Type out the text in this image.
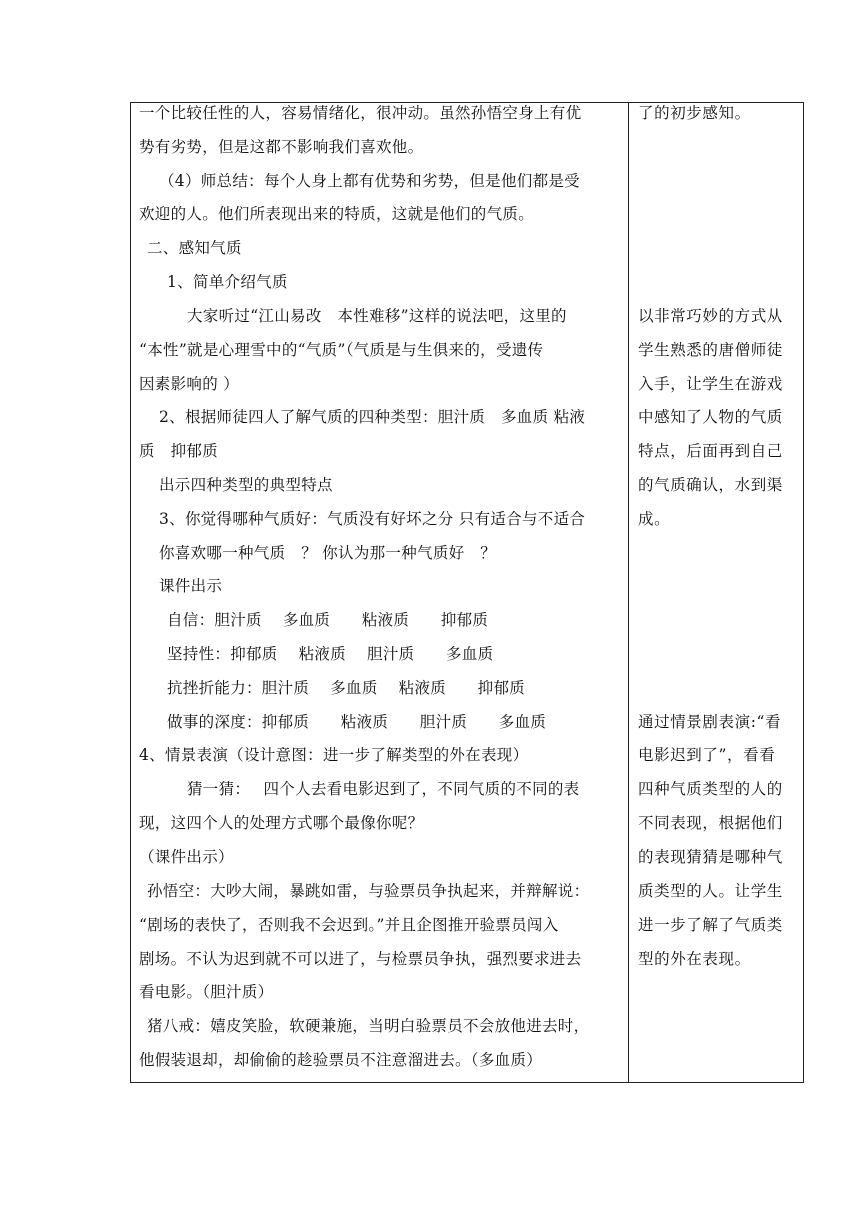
一个比较任性的人，容易情绪化，很冲动。虽然孙悟空身上有优
势有劣势，但是这都不影响我们喜欢他。
（4）师总结：每个人身上都有优势和劣势，但是他们都是受
欢迎的人。他们所表现出来的特质，这就是他们的气质。
二、感知气质
1、简单介绍气质
大家听过“江山易改　本性难移”这样的说法吧，这里的
“本性”就是心理雪中的“气质”（气质是与生俱来的，受遗传
因素影响的 ）
2、根据师徒四人了解气质的四种类型：胆汁质　多血质 粘液
质　抑郁质
出示四种类型的典型特点
3、你觉得哪种气质好：气质没有好坏之分 只有适合与不适合
你喜欢哪一种气质　？ 你认为那一种气质好　？
课件出示
自信：胆汁质　 多血质　　粘液质　　抑郁质
坚持性：抑郁质　 粘液质　 胆汁质　　多血质
抗挫折能力：胆汁质　 多血质　 粘液质　　抑郁质
做事的深度：抑郁质　　粘液质　　胆汁质　　多血质
4、情景表演（设计意图：进一步了解类型的外在表现）
猜一猜：　 四个人去看电影迟到了，不同气质的不同的表
现，这四个人的处理方式哪个最像你呢？
（课件出示）
孙悟空：大吵大闹，暴跳如雷，与验票员争执起来，并辩解说：
“剧场的表快了，否则我不会迟到。”并且企图推开验票员闯入
剧场。不认为迟到就不可以进了，与检票员争执，强烈要求进去
看电影。（胆汁质）
猪八戒：嬉皮笑脸，软硬兼施，当明白验票员不会放他进去时，
他假装退却，却偷偷的趁验票员不注意溜进去。（多血质）
了的初步感知。
以非常巧妙的方式从
学生熟悉的唐僧师徒
入手，让学生在游戏
中感知了人物的气质
特点，后面再到自己
的气质确认，水到渠
成。
通过情景剧表演:“看
电影迟到了”，看看
四种气质类型的人的
不同表现，根据他们
的表现猜猜是哪种气
质类型的人。让学生
进一步了解了气质类
型的外在表现。
